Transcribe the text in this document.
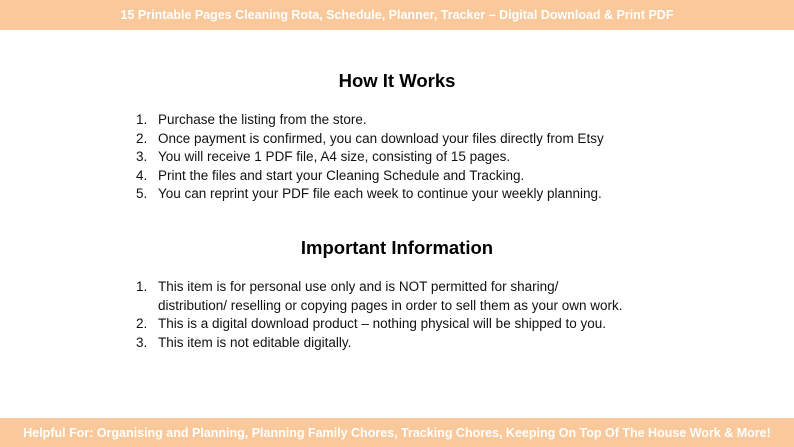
15 Printable Pages Cleaning Rota, Schedule, Planner, Tracker – Digital Download & Print PDF
How It Works
1. Purchase the listing from the store.
2. Once payment is confirmed, you can download your files directly from Etsy
3. You will receive 1 PDF file, A4 size, consisting of 15 pages.
4. Print the files and start your Cleaning Schedule and Tracking.
5. You can reprint your PDF file each week to continue your weekly planning.
Important Information
1. This item is for personal use only and is NOT permitted for sharing/ distribution/ reselling or copying pages in order to sell them as your own work.
2. This is a digital download product – nothing physical will be shipped to you.
3. This item is not editable digitally.
Helpful For: Organising and Planning, Planning Family Chores, Tracking Chores, Keeping On Top Of The House Work & More!
